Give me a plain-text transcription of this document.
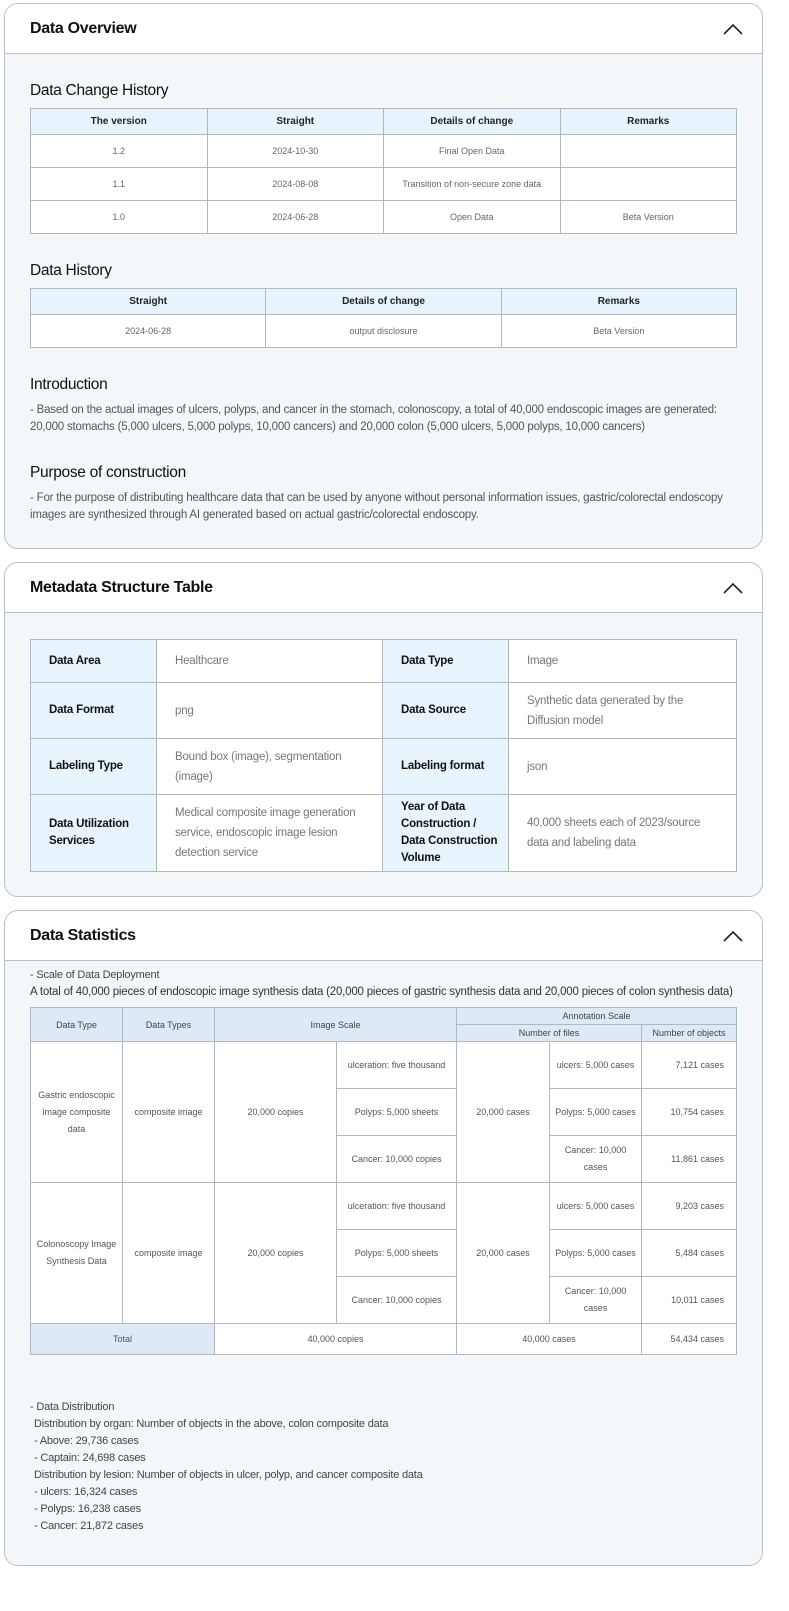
Data Overview
Data Change History
The version	Straight	Details of change	Remarks
1.2	2024-10-30	Final Open Data	
1.1	2024-08-08	Transition of non-secure zone data	
1.0	2024-06-28	Open Data	Beta Version
Data History
Straight	Details of change	Remarks
2024-06-28	output disclosure	Beta Version
Introduction

- Based on the actual images of ulcers, polyps, and cancer in the stomach, colonoscopy, a total of 40,000 endoscopic images are generated: 20,000 stomachs (5,000 ulcers, 5,000 polyps, 10,000 cancers) and 20,000 colon (5,000 ulcers, 5,000 polyps, 10,000 cancers)

Purpose of construction

- For the purpose of distributing healthcare data that can be used by anyone without personal information issues, gastric/colorectal endoscopy images are synthesized through AI generated based on actual gastric/colorectal endoscopy.

Metadata Structure Table
Data Area	Healthcare	Data Type	Image
Data Format	png	Data Source	Synthetic data generated by the Diffusion model
Labeling Type	Bound box (image), segmentation (image)	Labeling format	json
Data Utilization Services	Medical composite image generation service, endoscopic image lesion detection service	Year of Data Construction / Data Construction Volume	40,000 sheets each of 2023/source data and labeling data
Data Statistics
- Scale of Data Deployment
A total of 40,000 pieces of endoscopic image synthesis data (20,000 pieces of gastric synthesis data and 20,000 pieces of colon synthesis data)
Data Type	Data Types	Image Scale		Annotation Scale		
				Number of files		Number of objects
Gastric endoscopic image composite data	composite image	20,000 copies	ulceration: five thousand	20,000 cases	ulcers: 5,000 cases	7,121 cases
			Polyps: 5,000 sheets		Polyps: 5,000 cases	10,754 cases
			Cancer: 10,000 copies		Cancer: 10,000 cases	11,861 cases
Colonoscopy Image Synthesis Data	composite image	20,000 copies	ulceration: five thousand	20,000 cases	ulcers: 5,000 cases	9,203 cases
			Polyps: 5,000 sheets		Polyps: 5,000 cases	5,484 cases
			Cancer: 10,000 copies		Cancer: 10,000 cases	10,011 cases
Total		40,000 copies		40,000 cases		54,434 cases
- Data Distribution
Distribution by organ: Number of objects in the above, colon composite data
- Above: 29,736 cases
- Captain: 24,698 cases
Distribution by lesion: Number of objects in ulcer, polyp, and cancer composite data
- ulcers: 16,324 cases
- Polyps: 16,238 cases
- Cancer: 21,872 cases
